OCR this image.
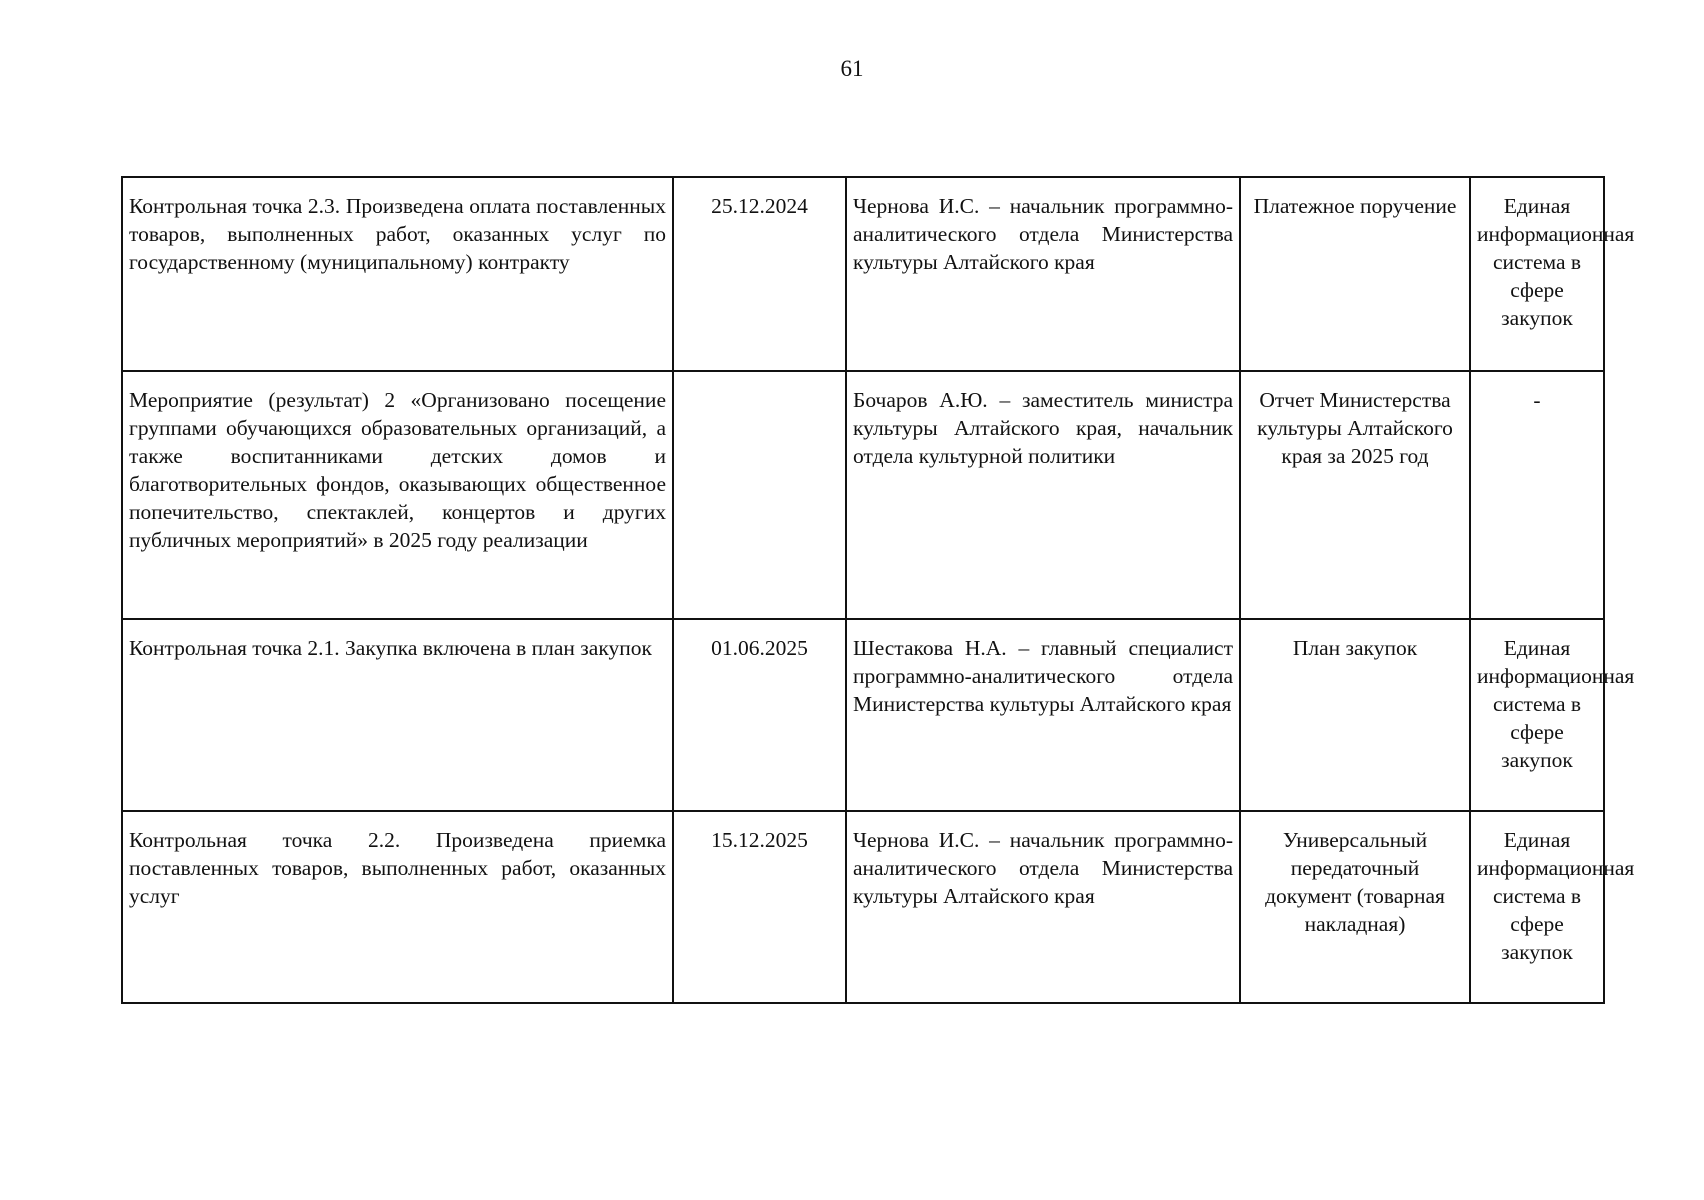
61
Контрольная точка 2.3. Произведена оплата поставленных товаров, выполненных работ, оказанных услуг по государственному (муниципальному) контракту	25.12.2024	Чернова И.С. – начальник программно-аналитического отдела Министерства культуры Алтайского края	Платежное поручение	Единая информационная система в сфере закупок
Мероприятие (результат) 2 «Организовано посещение группами обучающихся образовательных организаций, а также воспитанниками детских домов и благотворительных фондов, оказывающих общественное попечительство, спектаклей, концертов и других публичных мероприятий» в 2025 году реализации		Бочаров А.Ю. – заместитель министра культуры Алтайского края, начальник отдела культурной политики	Отчет Министерства культуры Алтайского края за 2025 год	-
Контрольная точка 2.1. Закупка включена в план закупок	01.06.2025	Шестакова Н.А. – главный специалист программно-аналитического отдела Министерства культуры Алтайского края	План закупок	Единая информационная система в сфере закупок
Контрольная точка 2.2. Произведена приемка поставленных товаров, выполненных работ, оказанных услуг	15.12.2025	Чернова И.С. – начальник программно-аналитического отдела Министерства культуры Алтайского края	Универсальный передаточный документ (товарная накладная)	Единая информационная система в сфере закупок
